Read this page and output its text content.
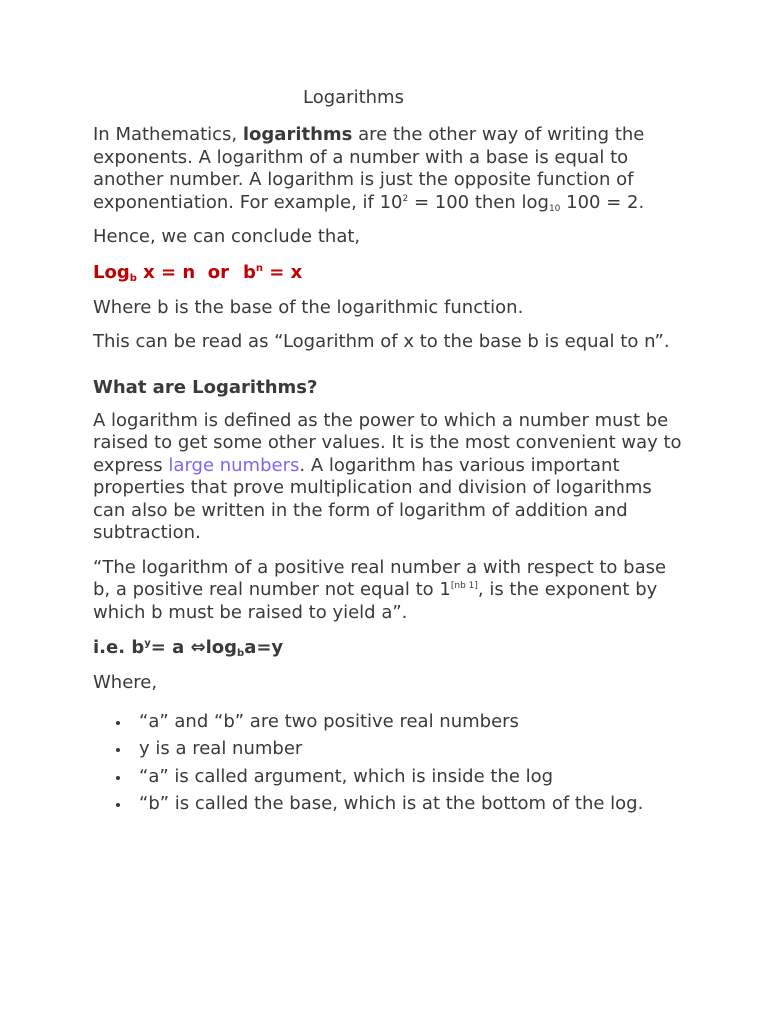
Logarithms

In Mathematics, logarithms are the other way of writing the exponents. A logarithm of a number with a base is equal to another number. A logarithm is just the opposite function of exponentiation. For example, if $10^2 = 100$ then $\log_{10} 100 = 2$.

Hence, we can conclude that,

Log$_b$ x = n  or $b^n = x$

Where b is the base of the logarithmic function.

This can be read as “Logarithm of x to the base b is equal to n”.

What are Logarithms?

A logarithm is defined as the power to which a number must be raised to get some other values. It is the most convenient way to express large numbers. A logarithm has various important properties that prove multiplication and division of logarithms can also be written in the form of logarithm of addition and subtraction.

“The logarithm of a positive real number a with respect to base b, a positive real number not equal to 1[nb 1], is the exponent by which b must be raised to yield a”.

i.e. $b^y= a$ $\Leftrightarrow\log_ba=y$

Where,

“a” and “b” are two positive real numbers
y is a real number
“a” is called argument, which is inside the log
“b” is called the base, which is at the bottom of the log.
